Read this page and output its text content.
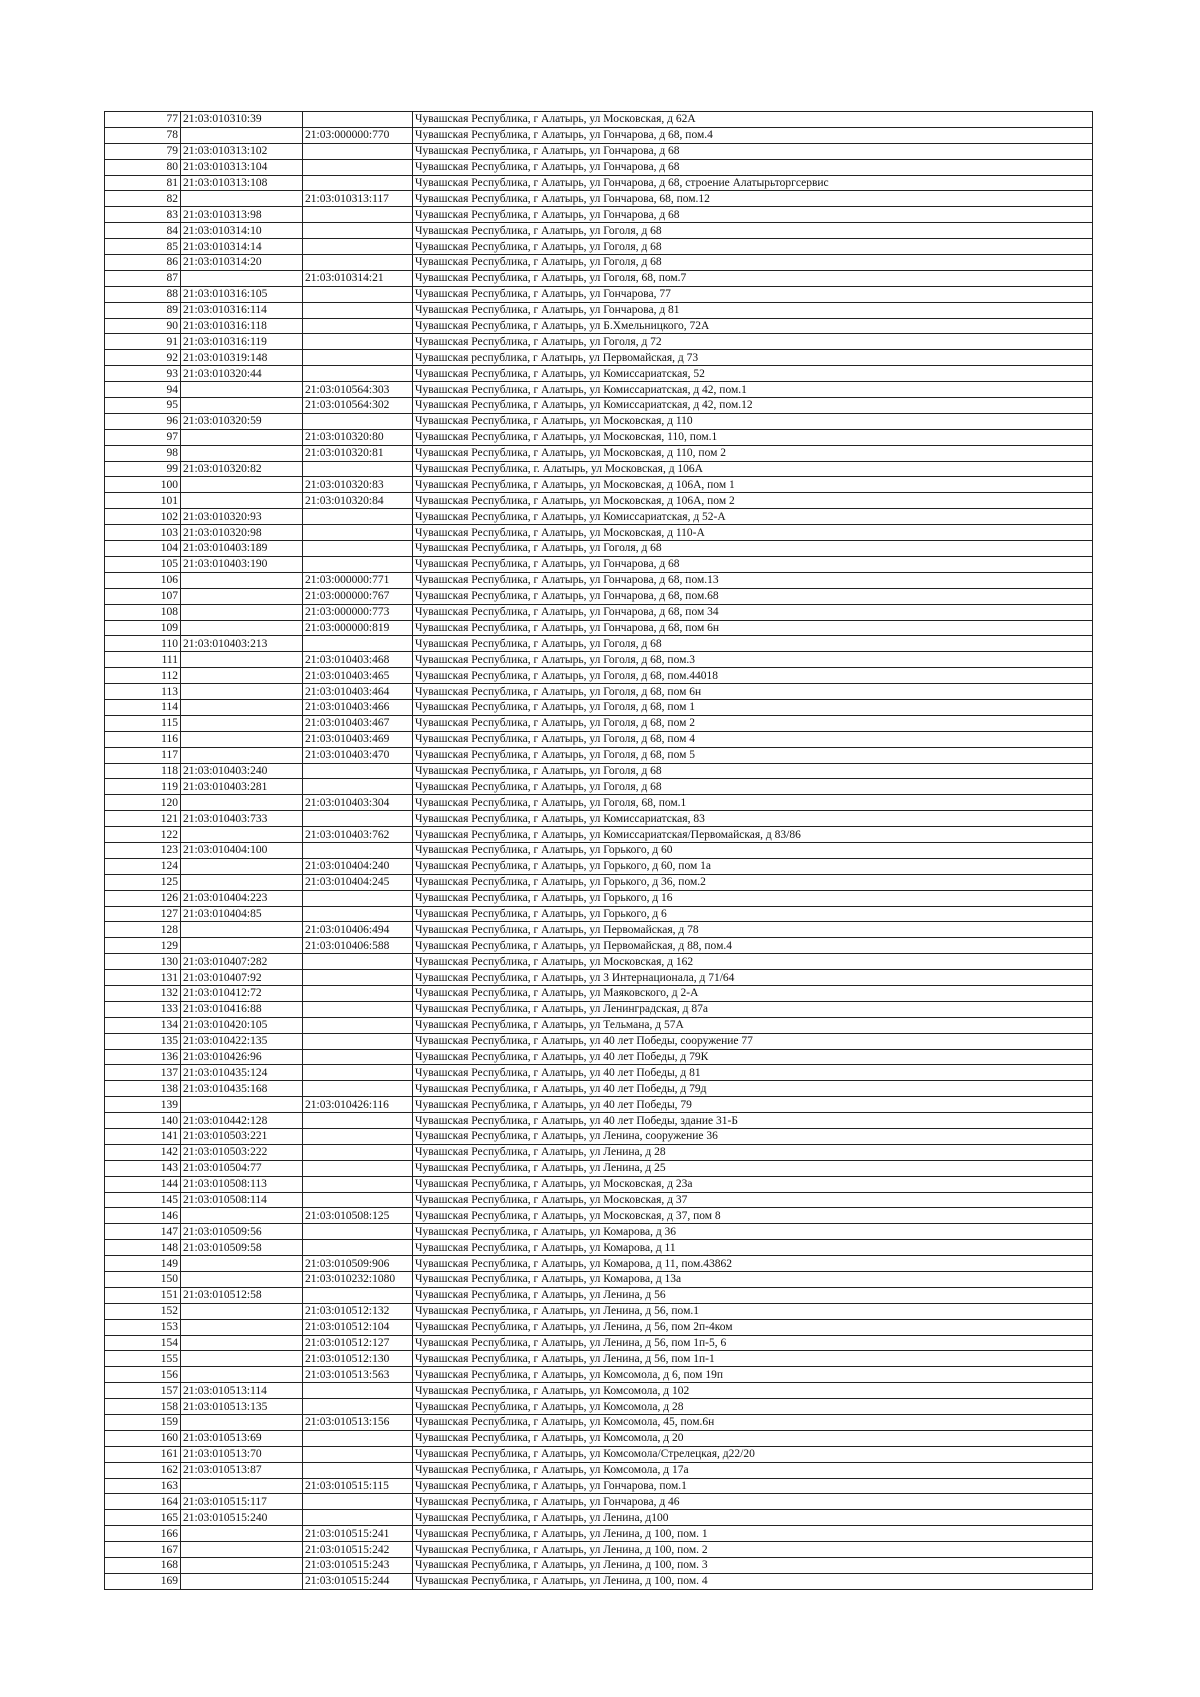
77	21:03:010310:39		Чувашская Республика, г Алатырь, ул Московская, д 62А
78		21:03:000000:770	Чувашская Республика, г Алатырь, ул Гончарова, д 68, пом.4
79	21:03:010313:102		Чувашская Республика, г Алатырь, ул Гончарова, д 68
80	21:03:010313:104		Чувашская Республика, г Алатырь, ул Гончарова, д 68
81	21:03:010313:108		Чувашская Республика, г Алатырь, ул Гончарова, д 68, строение Алатырьторгсервис
82		21:03:010313:117	Чувашская Республика, г Алатырь, ул Гончарова, 68, пом.12
83	21:03:010313:98		Чувашская Республика, г Алатырь, ул Гончарова, д 68
84	21:03:010314:10		Чувашская Республика, г Алатырь, ул Гоголя, д 68
85	21:03:010314:14		Чувашская Республика, г Алатырь, ул Гоголя, д 68
86	21:03:010314:20		Чувашская Республика, г Алатырь, ул Гоголя, д 68
87		21:03:010314:21	Чувашская Республика, г Алатырь, ул Гоголя, 68, пом.7
88	21:03:010316:105		Чувашская Республика, г Алатырь, ул Гончарова, 77
89	21:03:010316:114		Чувашская Республика, г Алатырь, ул Гончарова, д 81
90	21:03:010316:118		Чувашская Республика, г Алатырь, ул Б.Хмельницкого, 72А
91	21:03:010316:119		Чувашская Республика, г Алатырь, ул Гоголя, д 72
92	21:03:010319:148		Чувашская республика, г Алатырь, ул Первомайская, д 73
93	21:03:010320:44		Чувашская Республика, г Алатырь, ул Комиссариатская, 52
94		21:03:010564:303	Чувашская Республика, г Алатырь, ул Комиссариатская, д 42, пом.1
95		21:03:010564:302	Чувашская Республика, г Алатырь, ул Комиссариатская, д 42, пом.12
96	21:03:010320:59		Чувашская Республика, г Алатырь, ул Московская, д 110
97		21:03:010320:80	Чувашская Республика, г Алатырь, ул Московская, 110, пом.1
98		21:03:010320:81	Чувашская Республика, г Алатырь, ул Московская, д 110, пом 2
99	21:03:010320:82		Чувашская Республика, г. Алатырь, ул Московская, д 106А
100		21:03:010320:83	Чувашская Республика, г Алатырь, ул Московская, д 106А, пом 1
101		21:03:010320:84	Чувашская Республика, г Алатырь, ул Московская, д 106А, пом 2
102	21:03:010320:93		Чувашская Республика, г Алатырь, ул Комиссариатская, д 52-А
103	21:03:010320:98		Чувашская Республика, г Алатырь, ул Московская, д 110-А
104	21:03:010403:189		Чувашская Республика, г Алатырь, ул Гоголя, д 68
105	21:03:010403:190		Чувашская Республика, г Алатырь, ул Гончарова, д 68
106		21:03:000000:771	Чувашская Республика, г Алатырь, ул Гончарова, д 68, пом.13
107		21:03:000000:767	Чувашская Республика, г Алатырь, ул Гончарова, д 68, пом.68
108		21:03:000000:773	Чувашская Республика, г Алатырь, ул Гончарова, д 68, пом 34
109		21:03:000000:819	Чувашская Республика, г Алатырь, ул Гончарова, д 68, пом 6н
110	21:03:010403:213		Чувашская Республика, г Алатырь, ул Гоголя, д 68
111		21:03:010403:468	Чувашская Республика, г Алатырь, ул Гоголя, д 68, пом.3
112		21:03:010403:465	Чувашская Республика, г Алатырь, ул Гоголя, д 68, пом.44018
113		21:03:010403:464	Чувашская Республика, г Алатырь, ул Гоголя, д 68, пом 6н
114		21:03:010403:466	Чувашская Республика, г Алатырь, ул Гоголя, д 68, пом 1
115		21:03:010403:467	Чувашская Республика, г Алатырь, ул Гоголя, д 68, пом 2
116		21:03:010403:469	Чувашская Республика, г Алатырь, ул Гоголя, д 68, пом 4
117		21:03:010403:470	Чувашская Республика, г Алатырь, ул Гоголя, д 68, пом 5
118	21:03:010403:240		Чувашская Республика, г Алатырь, ул Гоголя, д 68
119	21:03:010403:281		Чувашская Республика, г Алатырь, ул Гоголя, д 68
120		21:03:010403:304	Чувашская Республика, г Алатырь, ул Гоголя, 68, пом.1
121	21:03:010403:733		Чувашская Республика, г Алатырь, ул Комиссариатская, 83
122		21:03:010403:762	Чувашская Республика, г Алатырь, ул Комиссариатская/Первомайская, д 83/86
123	21:03:010404:100		Чувашская Республика, г Алатырь, ул Горького, д 60
124		21:03:010404:240	Чувашская Республика, г Алатырь, ул Горького, д 60, пом 1а
125		21:03:010404:245	Чувашская Республика, г Алатырь, ул Горького, д 36, пом.2
126	21:03:010404:223		Чувашская Республика, г Алатырь, ул Горького, д 16
127	21:03:010404:85		Чувашская Республика, г Алатырь, ул Горького, д 6
128		21:03:010406:494	Чувашская Республика, г Алатырь, ул Первомайская, д 78
129		21:03:010406:588	Чувашская Республика, г Алатырь, ул Первомайская, д 88, пом.4
130	21:03:010407:282		Чувашская Республика, г Алатырь, ул Московская, д 162
131	21:03:010407:92		Чувашская Республика, г Алатырь, ул 3 Интернационала, д 71/64
132	21:03:010412:72		Чувашская Республика, г Алатырь, ул Маяковского, д 2-А
133	21:03:010416:88		Чувашская Республика, г Алатырь, ул Ленинградская, д 87а
134	21:03:010420:105		Чувашская Республика, г Алатырь, ул Тельмана, д 57А
135	21:03:010422:135		Чувашская Республика, г Алатырь, ул 40 лет Победы, сооружение 77
136	21:03:010426:96		Чувашская Республика, г Алатырь, ул 40 лет Победы, д 79К
137	21:03:010435:124		Чувашская Республика, г Алатырь, ул 40 лет Победы, д 81
138	21:03:010435:168		Чувашская Республика, г Алатырь, ул 40 лет Победы, д 79д
139		21:03:010426:116	Чувашская Республика, г Алатырь, ул 40 лет Победы, 79
140	21:03:010442:128		Чувашская Республика, г Алатырь, ул 40 лет Победы, здание 31-Б
141	21:03:010503:221		Чувашская Республика, г Алатырь, ул Ленина, сооружение 36
142	21:03:010503:222		Чувашская Республика, г Алатырь, ул Ленина, д 28
143	21:03:010504:77		Чувашская Республика, г Алатырь, ул Ленина, д 25
144	21:03:010508:113		Чувашская Республика, г Алатырь, ул Московская, д 23а
145	21:03:010508:114		Чувашская Республика, г Алатырь, ул Московская, д 37
146		21:03:010508:125	Чувашская Республика, г Алатырь, ул Московская, д 37, пом 8
147	21:03:010509:56		Чувашская Республика, г Алатырь, ул Комарова, д 36
148	21:03:010509:58		Чувашская Республика, г Алатырь, ул Комарова, д 11
149		21:03:010509:906	Чувашская Республика, г Алатырь, ул Комарова, д 11, пом.43862
150		21:03:010232:1080	Чувашская Республика, г Алатырь, ул Комарова, д 13а
151	21:03:010512:58		Чувашская Республика, г Алатырь, ул Ленина, д 56
152		21:03:010512:132	Чувашская Республика, г Алатырь, ул Ленина, д 56, пом.1
153		21:03:010512:104	Чувашская Республика, г Алатырь, ул Ленина, д 56, пом 2п-4ком
154		21:03:010512:127	Чувашская Республика, г Алатырь, ул Ленина, д 56, пом 1п-5, 6
155		21:03:010512:130	Чувашская Республика, г Алатырь, ул Ленина, д 56, пом 1п-1
156		21:03:010513:563	Чувашская Республика, г Алатырь, ул Комсомола, д 6, пом 19п
157	21:03:010513:114		Чувашская Республика, г Алатырь, ул Комсомола, д 102
158	21:03:010513:135		Чувашская Республика, г Алатырь, ул Комсомола, д 28
159		21:03:010513:156	Чувашская Республика, г Алатырь, ул Комсомола, 45, пом.6н
160	21:03:010513:69		Чувашская Республика, г Алатырь, ул Комсомола, д 20
161	21:03:010513:70		Чувашская Республика, г Алатырь, ул Комсомола/Стрелецкая, д22/20
162	21:03:010513:87		Чувашская Республика, г Алатырь, ул Комсомола, д 17а
163		21:03:010515:115	Чувашская Республика, г Алатырь, ул Гончарова, пом.1
164	21:03:010515:117		Чувашская Республика, г Алатырь, ул Гончарова, д 46
165	21:03:010515:240		Чувашская Республика, г Алатырь, ул Ленина, д100
166		21:03:010515:241	Чувашская Республика, г Алатырь, ул Ленина, д 100, пом. 1
167		21:03:010515:242	Чувашская Республика, г Алатырь, ул Ленина, д 100, пом. 2
168		21:03:010515:243	Чувашская Республика, г Алатырь, ул Ленина, д 100, пом. 3
169		21:03:010515:244	Чувашская Республика, г Алатырь, ул Ленина, д 100, пом. 4
